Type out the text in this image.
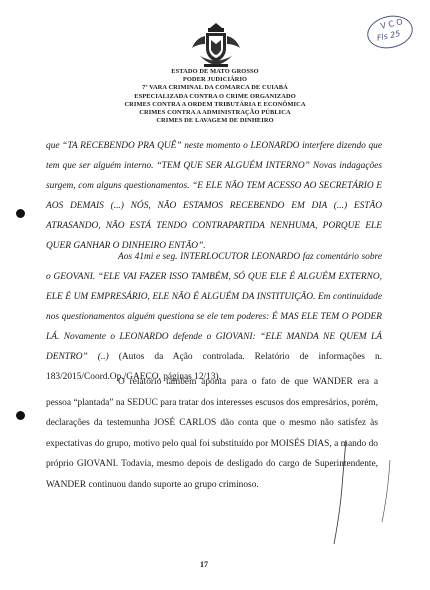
V C O
Fls 25
ESTADO DE MATO GROSSO
PODER JUDICIÁRIO
7ª VARA CRIMINAL DA COMARCA DE CUIABÁ
ESPECIALIZADA CONTRA O CRIME ORGANIZADO
CRIMES CONTRA A ORDEM TRIBUTÁRIA E ECONÔMICA
CRIMES CONTRA A ADMINISTRAÇÃO PÚBLICA
CRIMES DE LAVAGEM DE DINHEIRO

que “TA RECEBENDO PRA QUÊ” neste momento o LEONARDO interfere dizendo que tem que ser alguém interno. “TEM QUE SER ALGUÉM INTERNO” Novas indagações surgem, com alguns questionamentos. “E ELE NÃO TEM ACESSO AO SECRETÁRIO E AOS DEMAIS (...) NÓS, NÃO ESTAMOS RECEBENDO EM DIA (...) ESTÃO ATRASANDO, NÃO ESTÁ TENDO CONTRAPARTIDA NENHUMA, PORQUE ELE QUER GANHAR O DINHEIRO ENTÃO”.

Aos 41mi e seg. INTERLOCUTOR LEONARDO faz comentário sobre o GEOVANI. “ELE VAI FAZER ISSO TAMBÉM, SÓ QUE ELE É ALGUÉM EXTERNO, ELE É UM EMPRESÁRIO, ELE NÃO É ALGUÉM DA INSTITUIÇÃO. Em continuidade nos questionamentos alguém questiona se ele tem poderes: É MAS ELE TEM O PODER LÁ. Novamente o LEONARDO defende o GIOVANI: “ELE MANDA NE QUEM LÁ DENTRO” (..) (Autos da Ação controlada. Relatório de informações n. 183/2015/Coord.Op./GAECO, páginas 12/13).

O relatório também aponta para o fato de que WANDER era a pessoa “plantada” na SEDUC para tratar dos interesses escusos dos empresários, porém, declarações da testemunha JOSÉ CARLOS dão conta que o mesmo não satisfez às expectativas do grupo, motivo pelo qual foi substituído por MOISÉS DIAS, a mando do próprio GIOVANI. Todavia, mesmo depois de desligado do cargo de Superintendente, WANDER continuou dando suporte ao grupo criminoso.
17
